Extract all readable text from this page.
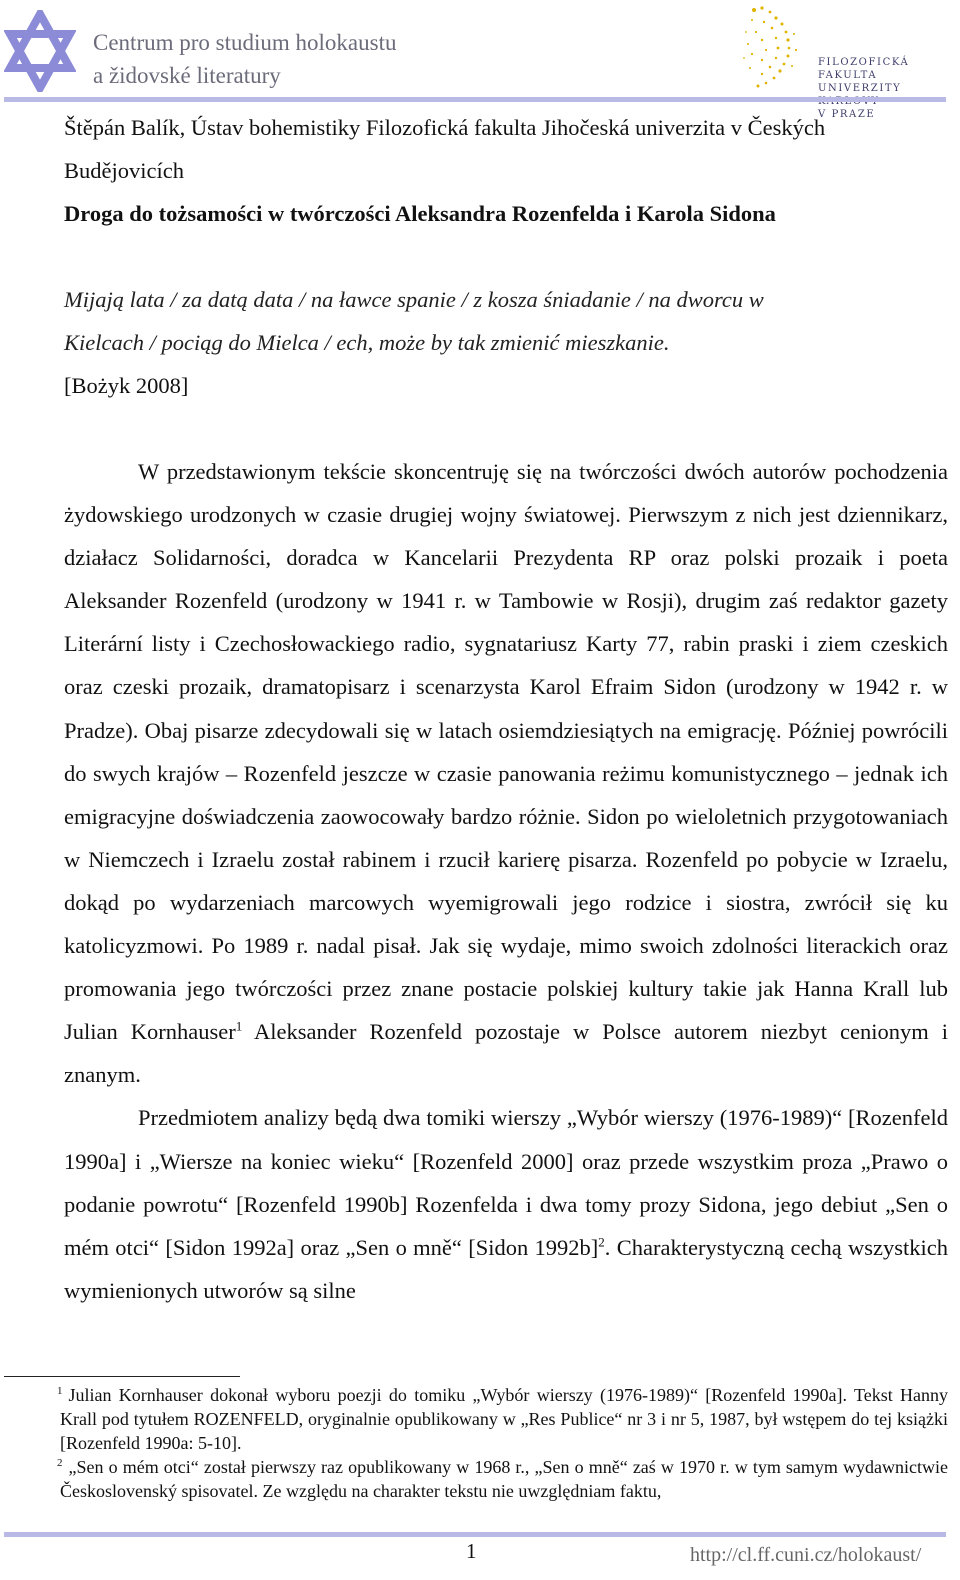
Centrum pro studium holokaustu
a židovské literatury
FILOZOFICKÁ FAKULTA
UNIVERZITY
V PRAZE
Štěpán Balík, Ústav bohemistiky Filozofická fakulta Jihočeská univerzita v Českých
Budějovicích
Droga do tożsamości w twórczości Aleksandra Rozenfelda i Karola Sidona
Mijają lata / za datą data / na ławce spanie / z kosza śniadanie / na dworcu w
Kielcach / pociąg do Mielca / ech, może by tak zmienić mieszkanie.
[Bożyk 2008]

W przedstawionym tekście skoncentruję się na twórczości dwóch autorów pochodzenia żydowskiego urodzonych w czasie drugiej wojny światowej. Pierwszym z nich jest dziennikarz, działacz Solidarności, doradca w Kancelarii Prezydenta RP oraz polski prozaik i poeta Aleksander Rozenfeld (urodzony w 1941 r. w Tambowie w Rosji), drugim zaś redaktor gazety Literární listy i Czechosłowackiego radio, sygnatariusz Karty 77, rabin praski i ziem czeskich oraz czeski prozaik, dramatopisarz i scenarzysta Karol Efraim Sidon (urodzony w 1942 r. w Pradze). Obaj pisarze zdecydowali się w latach osiemdziesiątych na emigrację. Później powrócili do swych krajów – Rozenfeld jeszcze w czasie panowania reżimu komunistycznego – jednak ich emigracyjne doświadczenia zaowocowały bardzo różnie. Sidon po wieloletnich przygotowaniach w Niemczech i Izraelu został rabinem i rzucił karierę pisarza. Rozenfeld po pobycie w Izraelu, dokąd po wydarzeniach marcowych wyemigrowali jego rodzice i siostra, zwrócił się ku katolicyzmowi. Po 1989 r. nadal pisał. Jak się wydaje, mimo swoich zdolności literackich oraz promowania jego twórczości przez znane postacie polskiej kultury takie jak Hanna Krall lub Julian Kornhauser$^1$ Aleksander Rozenfeld pozostaje w Polsce autorem niezbyt cenionym i znanym.

Przedmiotem analizy będą dwa tomiki wierszy „Wybór wierszy (1976-1989)“ [Rozenfeld 1990a] i „Wiersze na koniec wieku“ [Rozenfeld 2000] oraz przede wszystkim proza „Prawo o podanie powrotu“ [Rozenfeld 1990b] Rozenfelda i dwa tomy prozy Sidona, jego debiut „Sen o mém otci“ [Sidon 1992a] oraz „Sen o mně“ [Sidon 1992b]$^2$. Charakterystyczną cechą wszystkich wymienionych utworów są silne

$^1$ Julian Kornhauser dokonał wyboru poezji do tomiku „Wybór wierszy (1976-1989)“ [Rozenfeld 1990a]. Tekst Hanny Krall pod tytułem ROZENFELD, oryginalnie opublikowany w „Res Publice“ nr 3 i nr 5, 1987, był wstępem do tej książki [Rozenfeld 1990a: 5-10].

$^2$ „Sen o mém otci“ został pierwszy raz opublikowany w 1968 r., „Sen o mně“ zaś w 1970 r. w tym samym wydawnictwie Československý spisovatel. Ze względu na charakter tekstu nie uwzględniam faktu,

1	http://cl.ff.cuni.cz/holokaust/
